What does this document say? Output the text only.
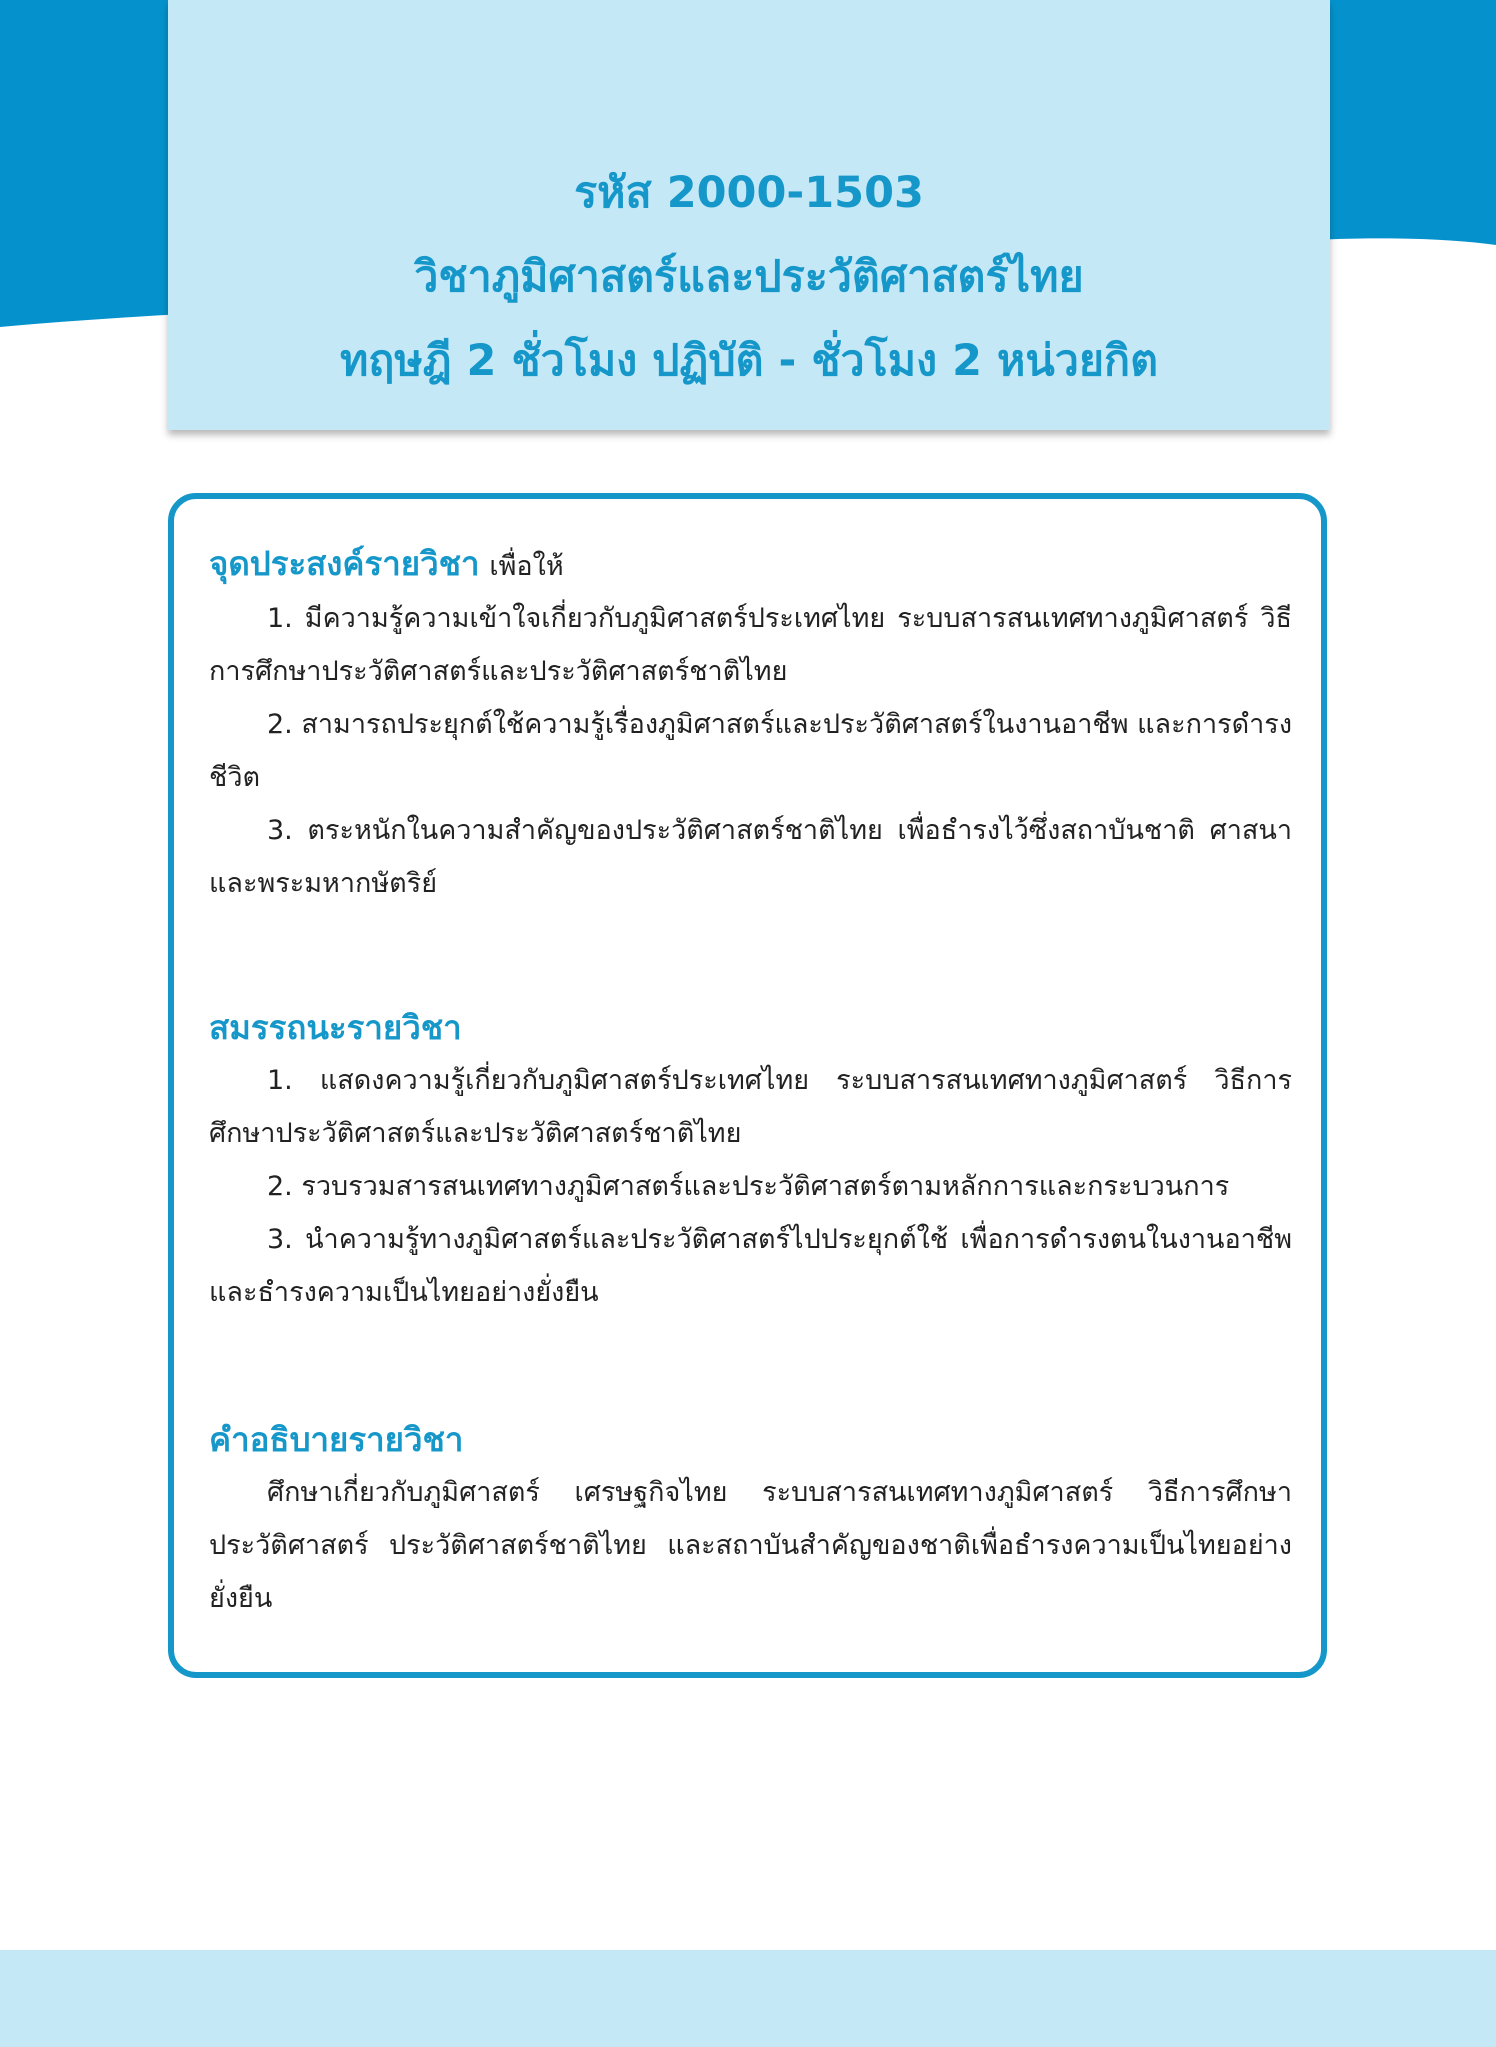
รหัส 2000-1503
วิชาภูมิศาสตร์และประวัติศาสตร์ไทย
ทฤษฎี 2 ชั่วโมง ปฏิบัติ - ชั่วโมง 2 หน่วยกิต
จุดประสงค์รายวิชา เพื่อให้

1. มีความรู้ความเข้าใจเกี่ยวกับภูมิศาสตร์ประเทศไทย ระบบสารสนเทศทางภูมิศาสตร์ วิธีการศึกษาประวัติศาสตร์และประวัติศาสตร์ชาติไทย

2. สามารถประยุกต์ใช้ความรู้เรื่องภูมิศาสตร์และประวัติศาสตร์ในงานอาชีพ และการดำรงชีวิต

3. ตระหนักในความสำคัญของประวัติศาสตร์ชาติไทย เพื่อธำรงไว้ซึ่งสถาบันชาติ ศาสนา และพระมหากษัตริย์

สมรรถนะรายวิชา

1. แสดงความรู้เกี่ยวกับภูมิศาสตร์ประเทศไทย ระบบสารสนเทศทางภูมิศาสตร์ วิธีการศึกษาประวัติศาสตร์และประวัติศาสตร์ชาติไทย

2. รวบรวมสารสนเทศทางภูมิศาสตร์และประวัติศาสตร์ตามหลักการและกระบวนการ

3. นำความรู้ทางภูมิศาสตร์และประวัติศาสตร์ไปประยุกต์ใช้ เพื่อการดำรงตนในงานอาชีพและธำรงความเป็นไทยอย่างยั่งยืน

คำอธิบายรายวิชา

ศึกษาเกี่ยวกับภูมิศาสตร์ เศรษฐกิจไทย ระบบสารสนเทศทางภูมิศาสตร์ วิธีการศึกษาประวัติศาสตร์ ประวัติศาสตร์ชาติไทย และสถาบันสำคัญของชาติเพื่อธำรงความเป็นไทยอย่างยั่งยืน
